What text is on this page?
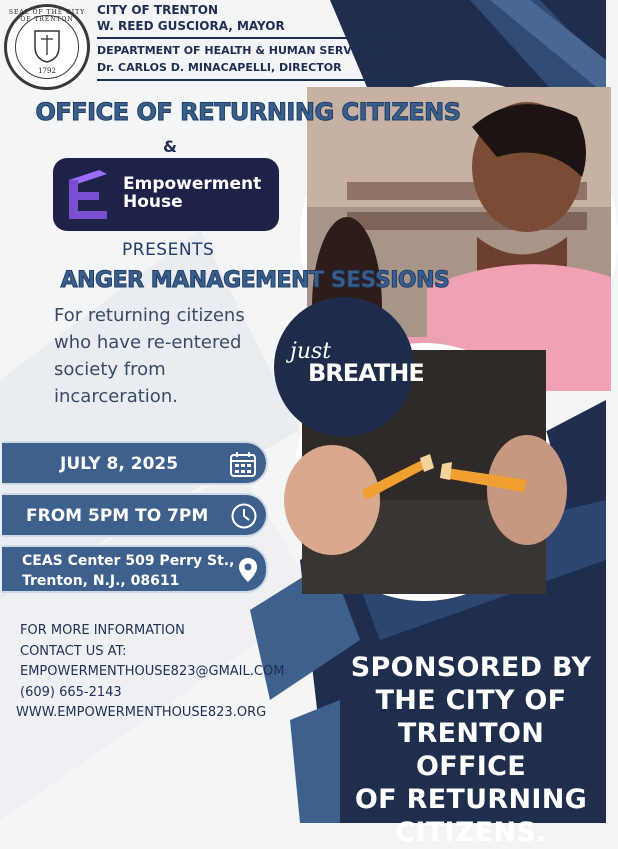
just
BREATHE
SEAL OF THE CITY OF TRENTON
1792
CITY OF TRENTON
W. REED GUSCIORA, MAYOR
DEPARTMENT OF HEALTH & HUMAN SERVICES
Dr. CARLOS D. MINACAPELLI, DIRECTOR
OFFICE OF RETURNING CITIZENS
&
Empowerment
House
PRESENTS
ANGER MANAGEMENT SESSIONS
For returning citizens who have re-entered society from incarceration.
JULY 8, 2025
FROM 5PM TO 7PM
CEAS Center 509 Perry St.,
Trenton, N.J., 08611
FOR MORE INFORMATION
CONTACT US AT:
EMPOWERMENTHOUSE823@GMAIL.COM
(609) 665-2143
WWW.EMPOWERMENTHOUSE823.ORG
SPONSORED BY
THE CITY OF
TRENTON OFFICE
OF RETURNING
CITIZENS.
